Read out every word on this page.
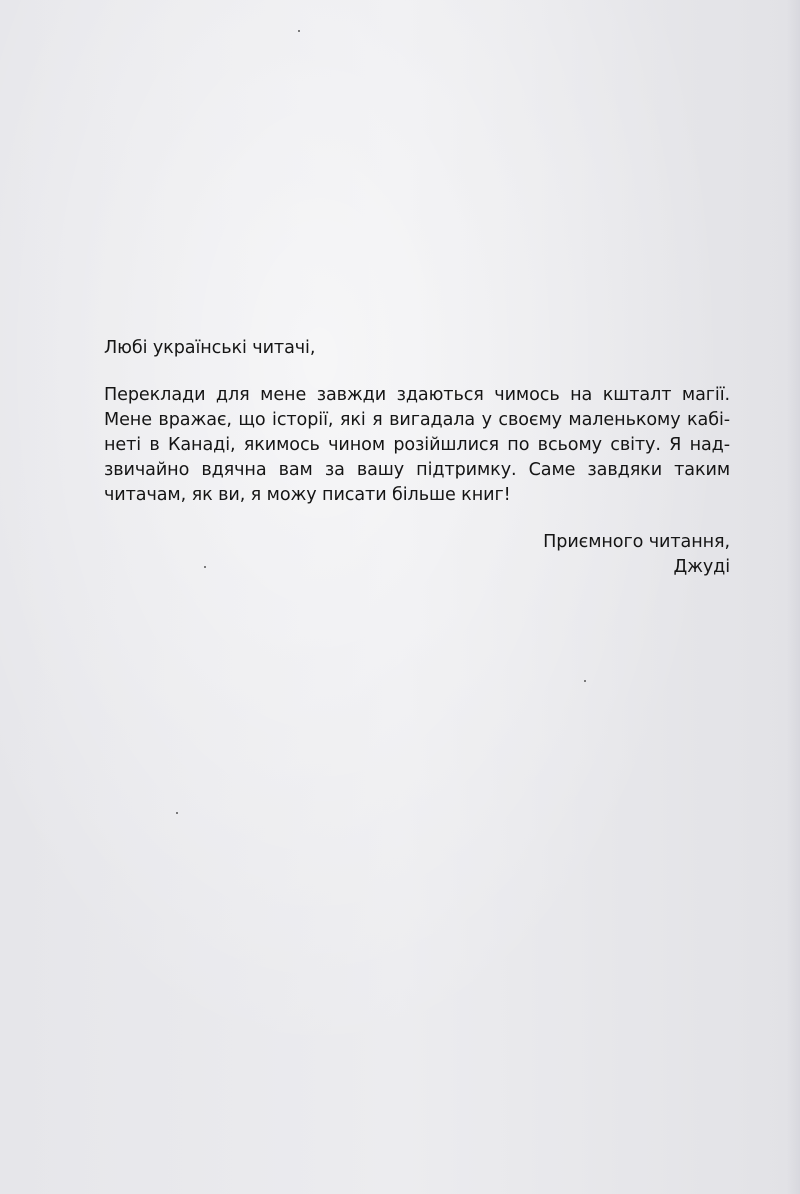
Любі українські читачі,

Переклади для мене завжди здаються чимось на кшталт магії.
Мене вражає, що історії, які я вигадала у своєму маленькому кабі-
неті в Канаді, якимось чином розійшлися по всьому світу. Я над-
звичайно вдячна вам за вашу підтримку. Саме завдяки таким
читачам, як ви, я можу писати більше книг!
Приємного читання,
Джуді
